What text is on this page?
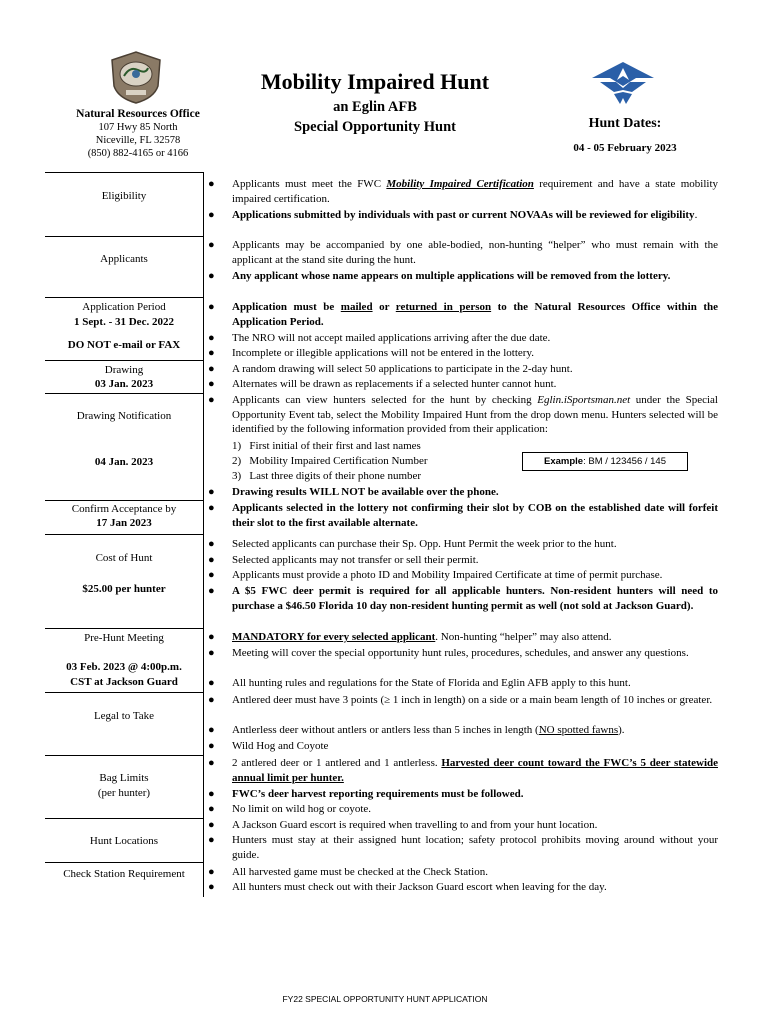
Natural Resources Office
107 Hwy 85 North
Niceville, FL 32578
(850) 882-4165 or 4166
Mobility Impaired Hunt
an Eglin AFB
Special Opportunity Hunt	Hunt Dates:
04 - 05 February 2023
Eligibility
Applicants
Application Period
1 Sept. - 31 Dec. 2022
DO NOT e-mail or FAX
Drawing
03 Jan. 2023
Drawing Notification
04 Jan. 2023
Confirm Acceptance by
17 Jan 2023
Cost of Hunt
$25.00 per hunter
Pre-Hunt Meeting
03 Feb. 2023 @ 4:00p.m.
CST at Jackson Guard
Legal to Take
Bag Limits
(per hunter)
Hunt Locations
Check Station Requirement
●
●
●
●
●
●
●
●
●
●
●
●
●
●
●
●
●
●
●
●
●
●
●
●
●
●
●
●
●
Applicants must meet the FWC Mobility Impaired Certification requirement and have a state mobility impaired certification.
Applications submitted by individuals with past or current NOVAAs will be reviewed for eligibility.
Applicants may be accompanied by one able-bodied, non-hunting “helper” who must remain with the applicant at the stand site during the hunt.
Any applicant whose name appears on multiple applications will be removed from the lottery.
Application must be mailed or returned in person to the Natural Resources Office within the Application Period.
The NRO will not accept mailed applications arriving after the due date.
Incomplete or illegible applications will not be entered in the lottery.
A random drawing will select 50 applications to participate in the 2-day hunt.
Alternates will be drawn as replacements if a selected hunter cannot hunt.
Applicants can view hunters selected for the hunt by checking Eglin.iSportsman.net under the Special Opportunity Event tab, select the Mobility Impaired Hunt from the drop down menu. Hunters selected will be identified by the following information provided from their application:
1)  First initial of their first and last names
2)  Mobility Impaired Certification Number
3)  Last three digits of their phone number
Example: BM / 123456 / 145
Drawing results WILL NOT be available over the phone.
Applicants selected in the lottery not confirming their slot by COB on the established date will forfeit their slot to the first available alternate.
Selected applicants can purchase their Sp. Opp. Hunt Permit the week prior to the hunt.
Selected applicants may not transfer or sell their permit.
Applicants must provide a photo ID and Mobility Impaired Certificate at time of permit purchase.
A $5 FWC deer permit is required for all applicable hunters. Non-resident hunters will need to purchase a $46.50 Florida 10 day non-resident hunting permit as well (not sold at Jackson Guard).
MANDATORY for every selected applicant. Non-hunting “helper” may also attend.
Meeting will cover the special opportunity hunt rules, procedures, schedules, and answer any questions.
All hunting rules and regulations for the State of Florida and Eglin AFB apply to this hunt.
Antlered deer must have 3 points (≥ 1 inch in length) on a side or a main beam length of 10 inches or greater.
Antlerless deer without antlers or antlers less than 5 inches in length (NO spotted fawns).
Wild Hog and Coyote
2 antlered deer or 1 antlered and 1 antlerless. Harvested deer count toward the FWC’s 5 deer statewide annual limit per hunter.
FWC’s deer harvest reporting requirements must be followed.
No limit on wild hog or coyote.
A Jackson Guard escort is required when travelling to and from your hunt location.
Hunters must stay at their assigned hunt location; safety protocol prohibits moving around without your guide.
All harvested game must be checked at the Check Station.
All hunters must check out with their Jackson Guard escort when leaving for the day.
FY22 SPECIAL OPPORTUNITY HUNT APPLICATION
